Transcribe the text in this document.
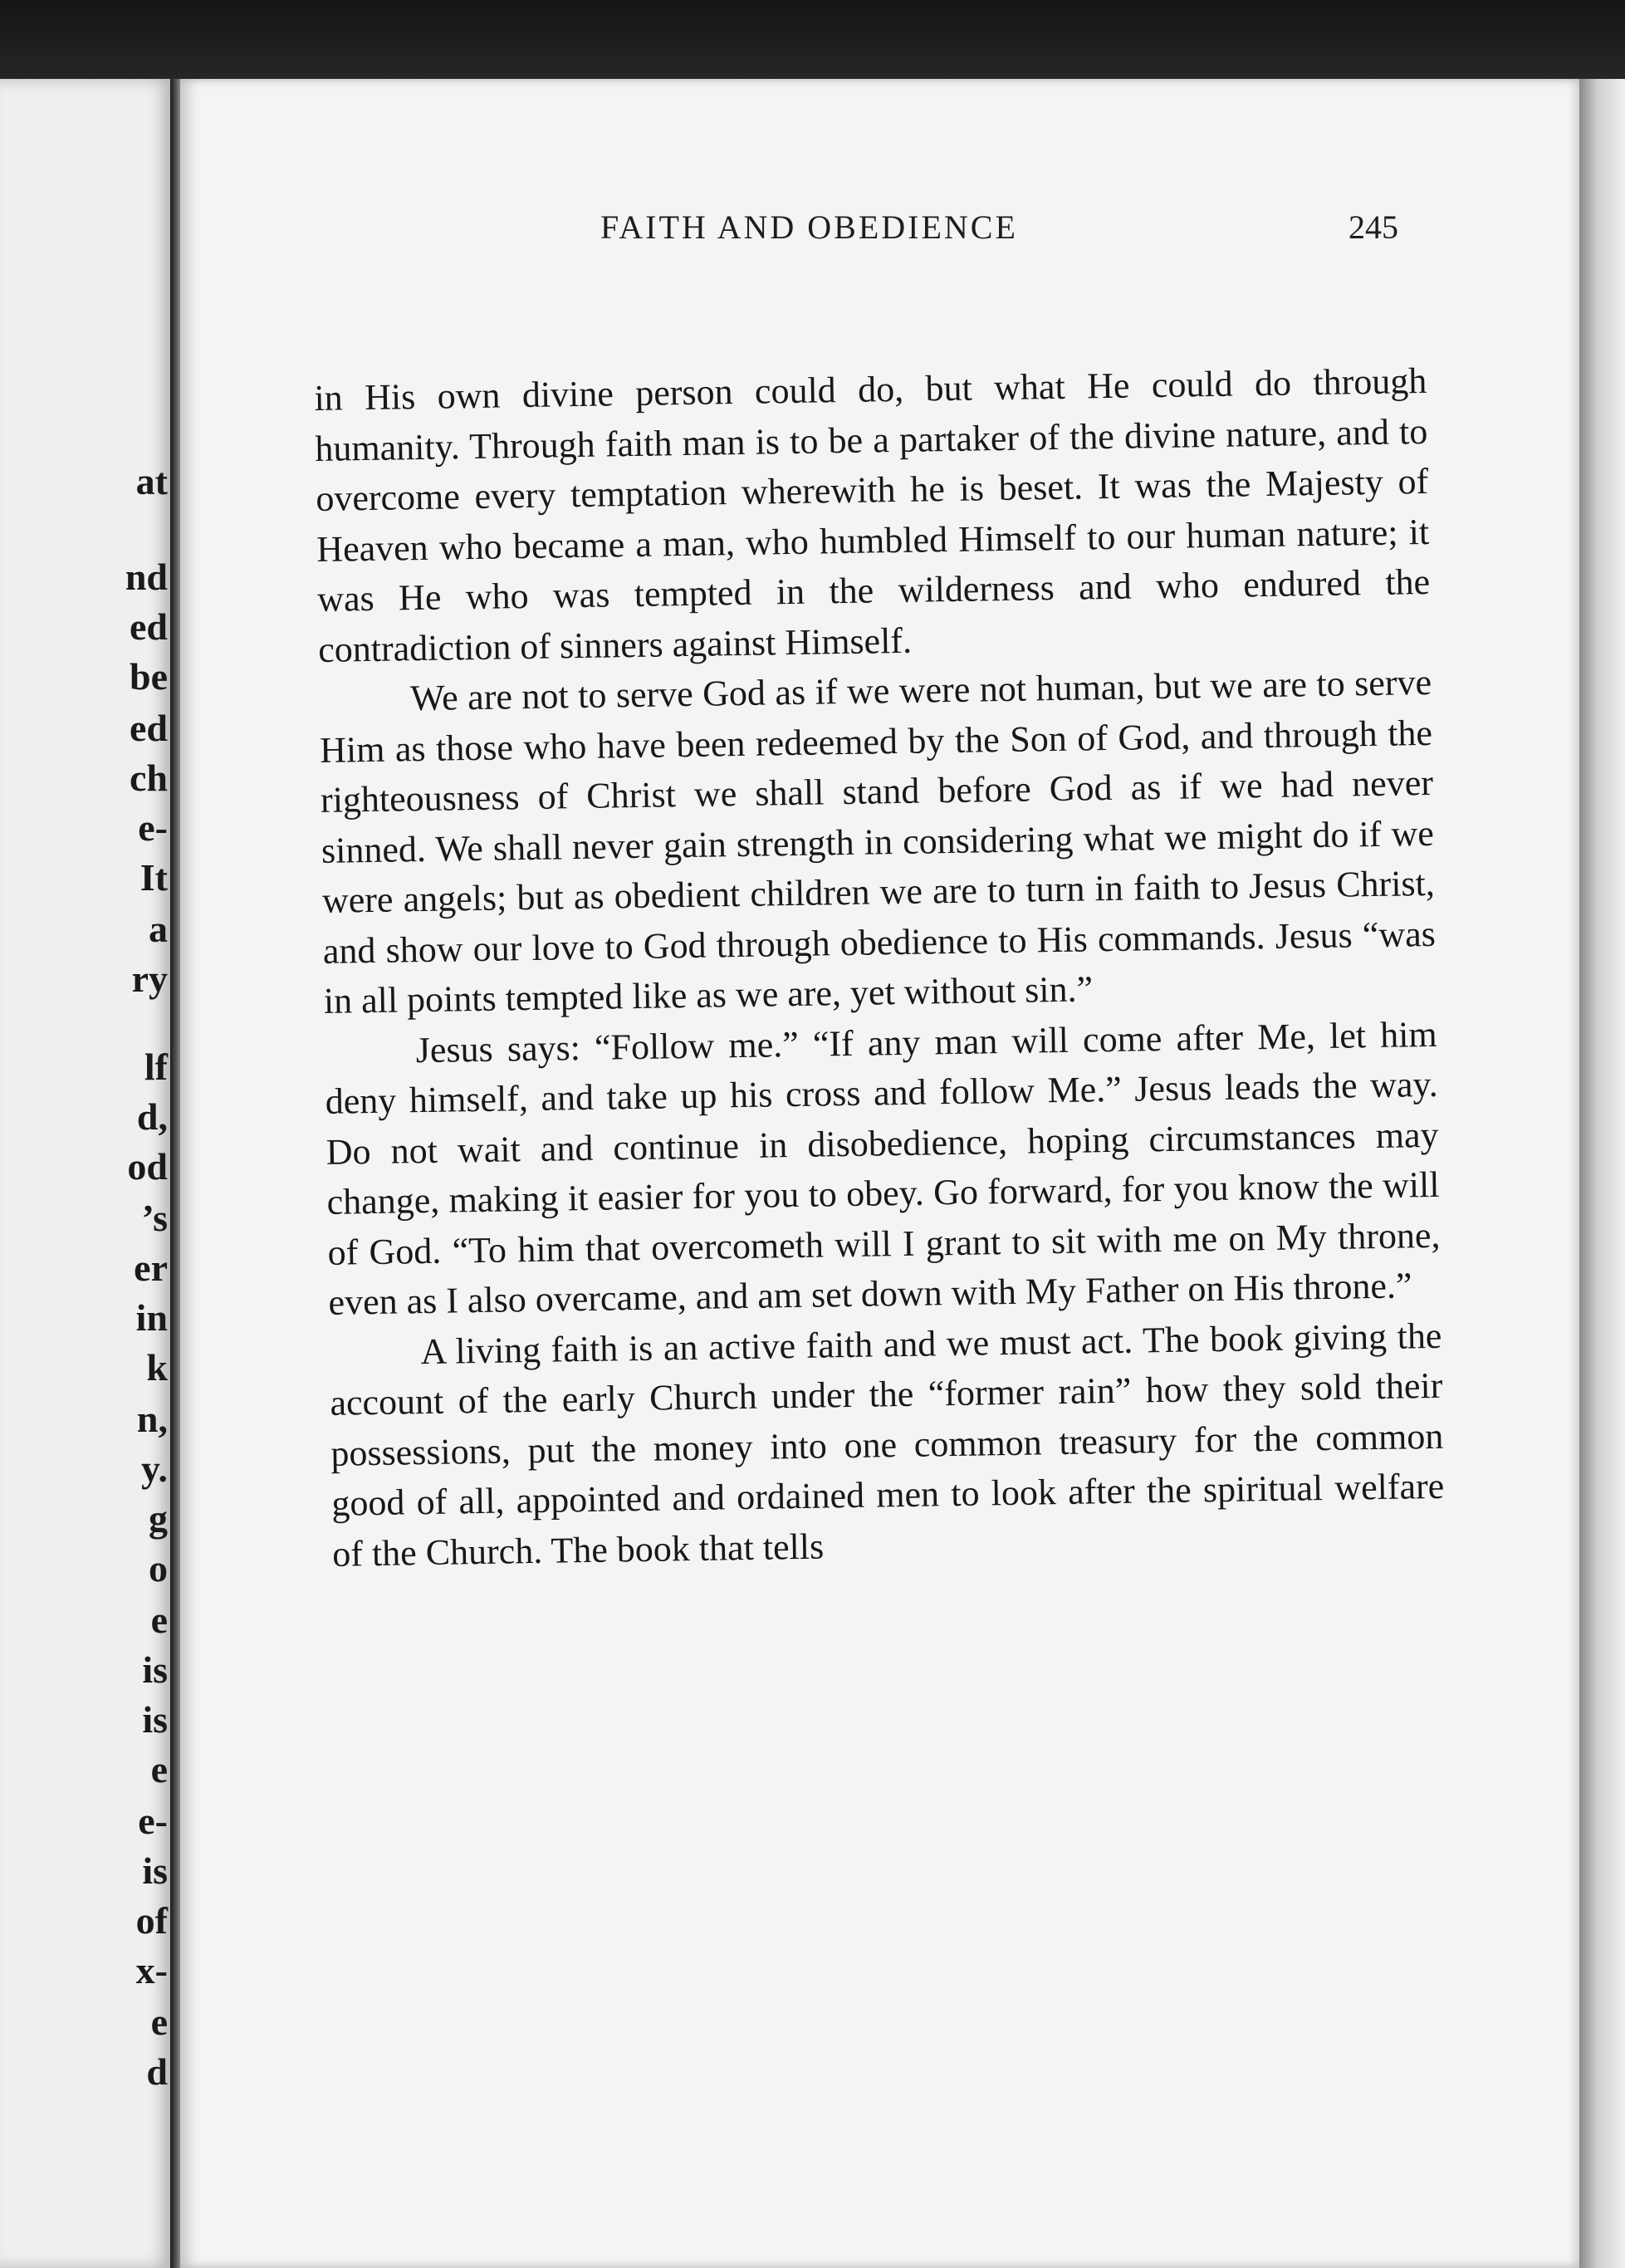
at
nd
ed
be
ed
ch
e-
It
a
ry
lf
d,
od
’s
er
in
k
n,
y.
g
o
e
is
is
e
e-
is
of
x-
e
d
FAITH AND OBEDIENCE	245

in His own divine person could do, but what He could do through humanity. Through faith man is to be a partaker of the divine nature, and to overcome every temptation wherewith he is beset. It was the Majesty of Heaven who became a man, who humbled Himself to our human nature; it was He who was tempted in the wilderness and who endured the contradiction of sinners against Himself.

We are not to serve God as if we were not human, but we are to serve Him as those who have been redeemed by the Son of God, and through the righteousness of Christ we shall stand before God as if we had never sinned. We shall never gain strength in considering what we might do if we were angels; but as obedient children we are to turn in faith to Jesus Christ, and show our love to God through obedience to His commands. Jesus “was in all points tempted like as we are, yet without sin.”

Jesus says: “Follow me.” “If any man will come after Me, let him deny himself, and take up his cross and follow Me.” Jesus leads the way. Do not wait and continue in disobedience, hoping circumstances may change, making it easier for you to obey. Go forward, for you know the will of God. “To him that overcometh will I grant to sit with me on My throne, even as I also overcame, and am set down with My Father on His throne.”

A living faith is an active faith and we must act. The book giving the account of the early Church under the “former rain” how they sold their possessions, put the money into one common treasury for the common good of all, appointed and ordained men to look after the spiritual welfare of the Church. The book that tells
